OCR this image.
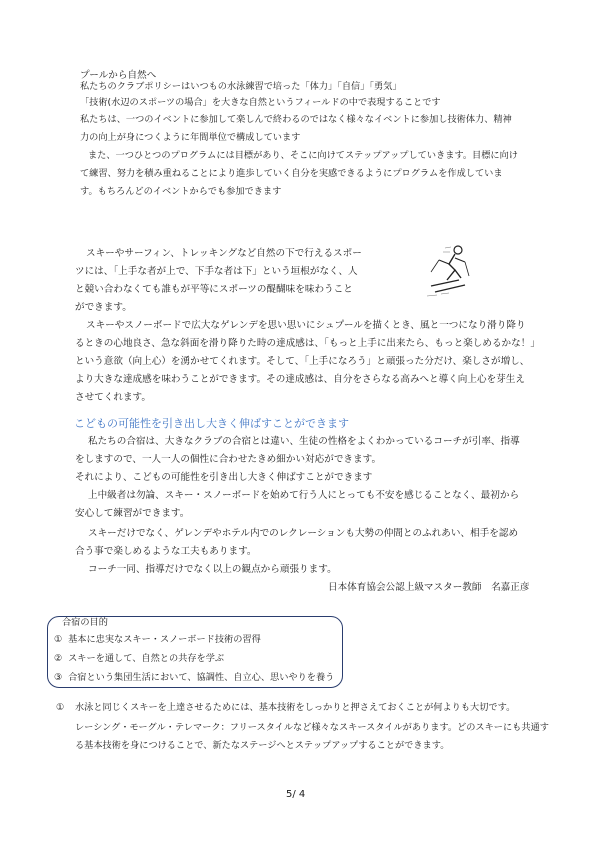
プールから自然へ
私たちのクラブポリシーはいつもの水泳練習で培った「体力」「自信」「勇気」
「技術(水辺のスポーツの場合」を大きな自然というフィールドの中で表現することです
私たちは、一つのイベントに参加して楽しんで終わるのではなく様々なイベントに参加し技術体力、精神
力の向上が身につくように年間単位で構成しています
また、一つひとつのプログラムには目標があり、そこに向けてステップアップしていきます。目標に向け
て練習、努力を積み重ねることにより進歩していく自分を実感できるようにプログラムを作成していま
す。もちろんどのイベントからでも参加できます
スキーやサーフィン、トレッキングなど自然の下で行えるスポー
ツには、「上手な者が上で、下手な者は下」という垣根がなく、人
と競い合わなくても誰もが平等にスポーツの醍醐味を味わうこと
ができます。
スキーやスノーボードで広大なゲレンデを思い思いにシュプールを描くとき、風と一つになり滑り降り
るときの心地良さ、急な斜面を滑り降りた時の達成感は、「もっと上手に出来たら、もっと楽しめるかな！」
という意欲（向上心）を湧かせてくれます。そして、「上手になろう」と頑張った分だけ、楽しさが増し、
より大きな達成感を味わうことができます。その達成感は、自分をさらなる高みへと導く向上心を芽生え
させてくれます。
こどもの可能性を引き出し大きく伸ばすことができます
私たちの合宿は、大きなクラブの合宿とは違い、生徒の性格をよくわかっているコーチが引率、指導
をしますので、一人一人の個性に合わせたきめ細かい対応ができます。
それにより、こどもの可能性を引き出し大きく伸ばすことができます
上中級者は勿論、スキー・スノーボードを始めて行う人にとっても不安を感じることなく、最初から
安心して練習ができます。
スキーだけでなく、ゲレンデやホテル内でのレクレーションも大勢の仲間とのふれあい、相手を認め
合う事で楽しめるような工夫もあります。
コーチ一同、指導だけでなく以上の観点から頑張ります。
日本体育協会公認上級マスター教師　名嘉正彦
合宿の目的
① 基本に忠実なスキー・スノーボード技術の習得
② スキーを通して、自然との共存を学ぶ
③ 合宿という集団生活において、協調性、自立心、思いやりを養う
① 水泳と同じくスキーを上達させるためには、基本技術をしっかりと押さえておくことが何よりも大切です。
レーシング・モーグル・テレマーク：フリースタイルなど様々なスキースタイルがあります。どのスキーにも共通す
る基本技術を身につけることで、新たなステージへとステップアップすることができます。
5/ 4
